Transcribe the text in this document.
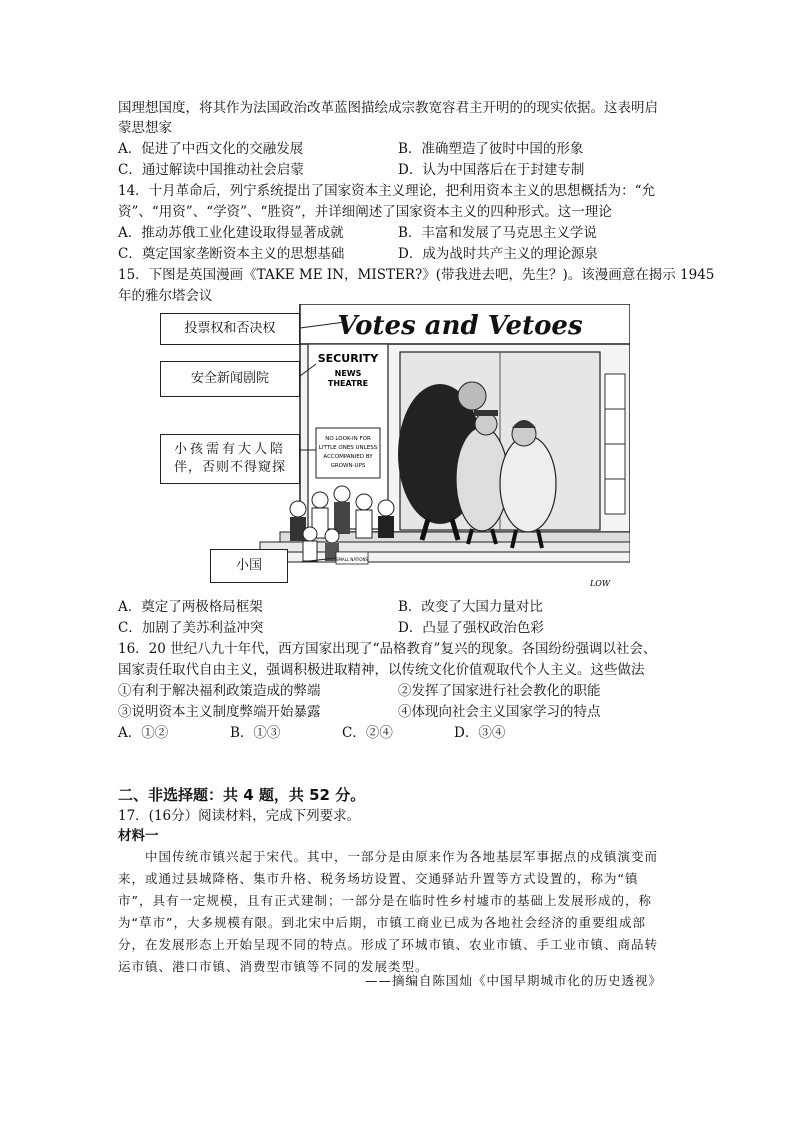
国理想国度，将其作为法国政治改革蓝图描绘成宗教宽容君主开明的的现实依据。这表明启
蒙思想家
A．促进了中西文化的交融发展	B．准确塑造了彼时中国的形象
C．通过解读中国推动社会启蒙	D．认为中国落后在于封建专制
14．十月革命后，列宁系统提出了国家资本主义理论，把利用资本主义的思想概括为：“允
资”、“用资”、“学资”、“胜资”，并详细阐述了国家资本主义的四种形式。这一理论
A．推动苏俄工业化建设取得显著成就	B．丰富和发展了马克思主义学说
C．奠定国家垄断资本主义的思想基础	D．成为战时共产主义的理论源泉
15．下图是英国漫画《TAKE ME IN，MISTER?》(带我进去吧，先生？)。该漫画意在揭示 1945
年的雅尔塔会议
Votes and Vetoes
SECURITY
NEWS
THEATRE
NO LOOK-IN FOR
LITTLE ONES UNLESS
ACCOMPANIED BY
GROWN-UPS
SMALL NATIONS
LOW
投票权和否决权
安全新闻剧院
小孩需有大人陪
伴，否则不得窥探
小国
A．奠定了两极格局框架	B．改变了大国力量对比
C．加剧了美苏利益冲突	D．凸显了强权政治色彩
16．20 世纪八九十年代，西方国家出现了“品格教育”复兴的现象。各国纷纷强调以社会、
国家责任取代自由主义，强调积极进取精神，以传统文化价值观取代个人主义。这些做法
①有利于解决福利政策造成的弊端	②发挥了国家进行社会教化的职能
③说明资本主义制度弊端开始暴露	④体现向社会主义国家学习的特点
A．①②	B．①③	C．②④	D．③④
二、非选择题：共 4 题，共 52 分。
17．(16分）阅读材料，完成下列要求。
材料一
　　中国传统市镇兴起于宋代。其中，一部分是由原来作为各地基层军事据点的戍镇演变而
来，或通过县城降格、集市升格、税务场坊设置、交通驿站升置等方式设置的，称为“镇
市”，具有一定规模，且有正式建制；一部分是在临时性乡村墟市的基础上发展形成的，称
为“草市”，大多规模有限。到北宋中后期，市镇工商业已成为各地社会经济的重要组成部
分，在发展形态上开始呈现不同的特点。形成了环城市镇、农业市镇、手工业市镇、商品转
运市镇、港口市镇、消费型市镇等不同的发展类型。
——摘编自陈国灿《中国早期城市化的历史透视》
